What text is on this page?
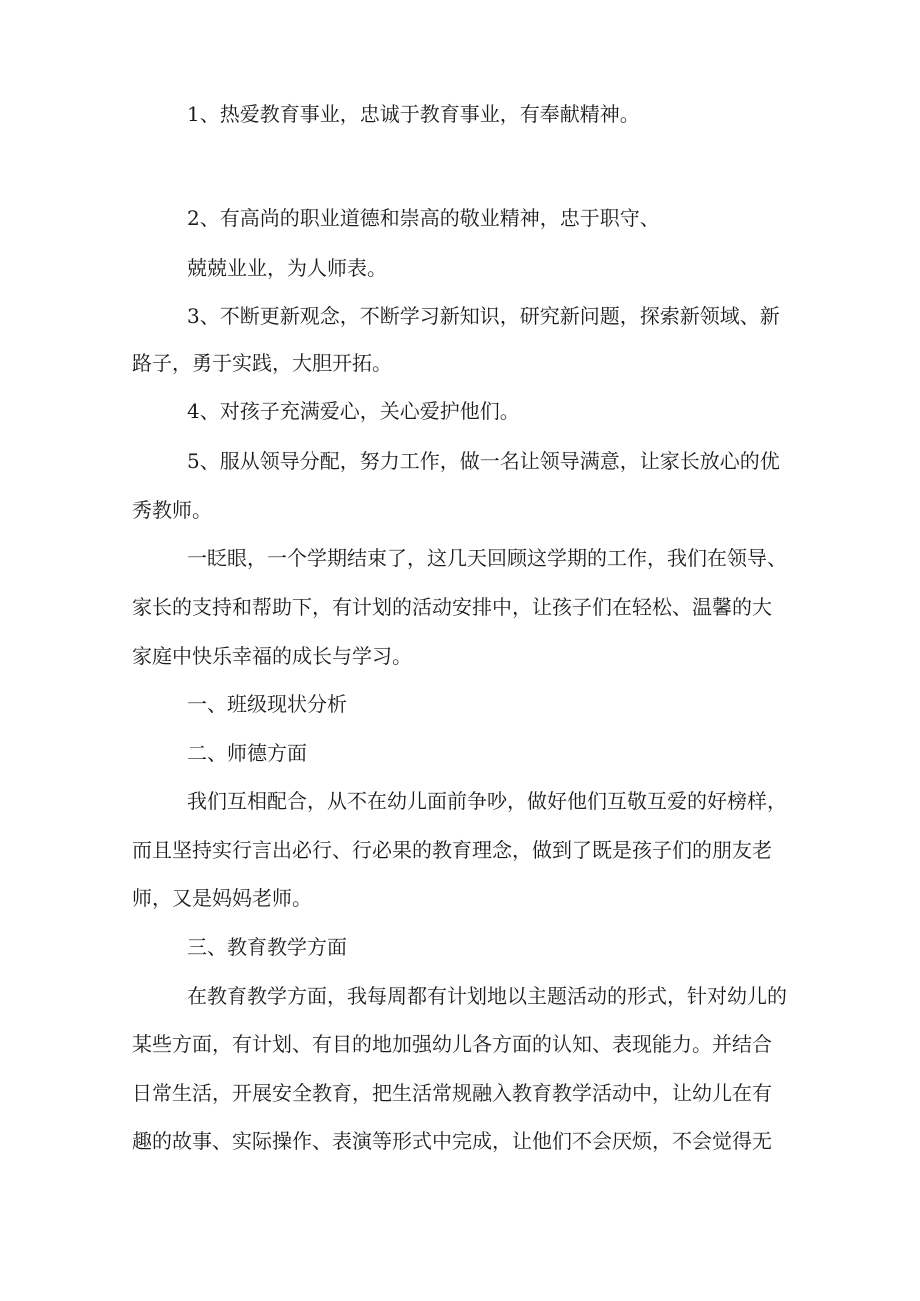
1、热爱教育事业，忠诚于教育事业，有奉献精神。
2、有高尚的职业道德和崇高的敬业精神，忠于职守、
兢兢业业，为人师表。
3、不断更新观念，不断学习新知识，研究新问题，探索新领域、新
路子，勇于实践，大胆开拓。
4、对孩子充满爱心，关心爱护他们。
5、服从领导分配，努力工作，做一名让领导满意，让家长放心的优
秀教师。
一眨眼，一个学期结束了，这几天回顾这学期的工作，我们在领导、
家长的支持和帮助下，有计划的活动安排中，让孩子们在轻松、温馨的大
家庭中快乐幸福的成长与学习。
一、班级现状分析
二、师德方面
我们互相配合，从不在幼儿面前争吵，做好他们互敬互爱的好榜样，
而且坚持实行言出必行、行必果的教育理念，做到了既是孩子们的朋友老
师，又是妈妈老师。
三、教育教学方面
在教育教学方面，我每周都有计划地以主题活动的形式，针对幼儿的
某些方面，有计划、有目的地加强幼儿各方面的认知、表现能力。并结合
日常生活，开展安全教育，把生活常规融入教育教学活动中，让幼儿在有
趣的故事、实际操作、表演等形式中完成，让他们不会厌烦，不会觉得无
